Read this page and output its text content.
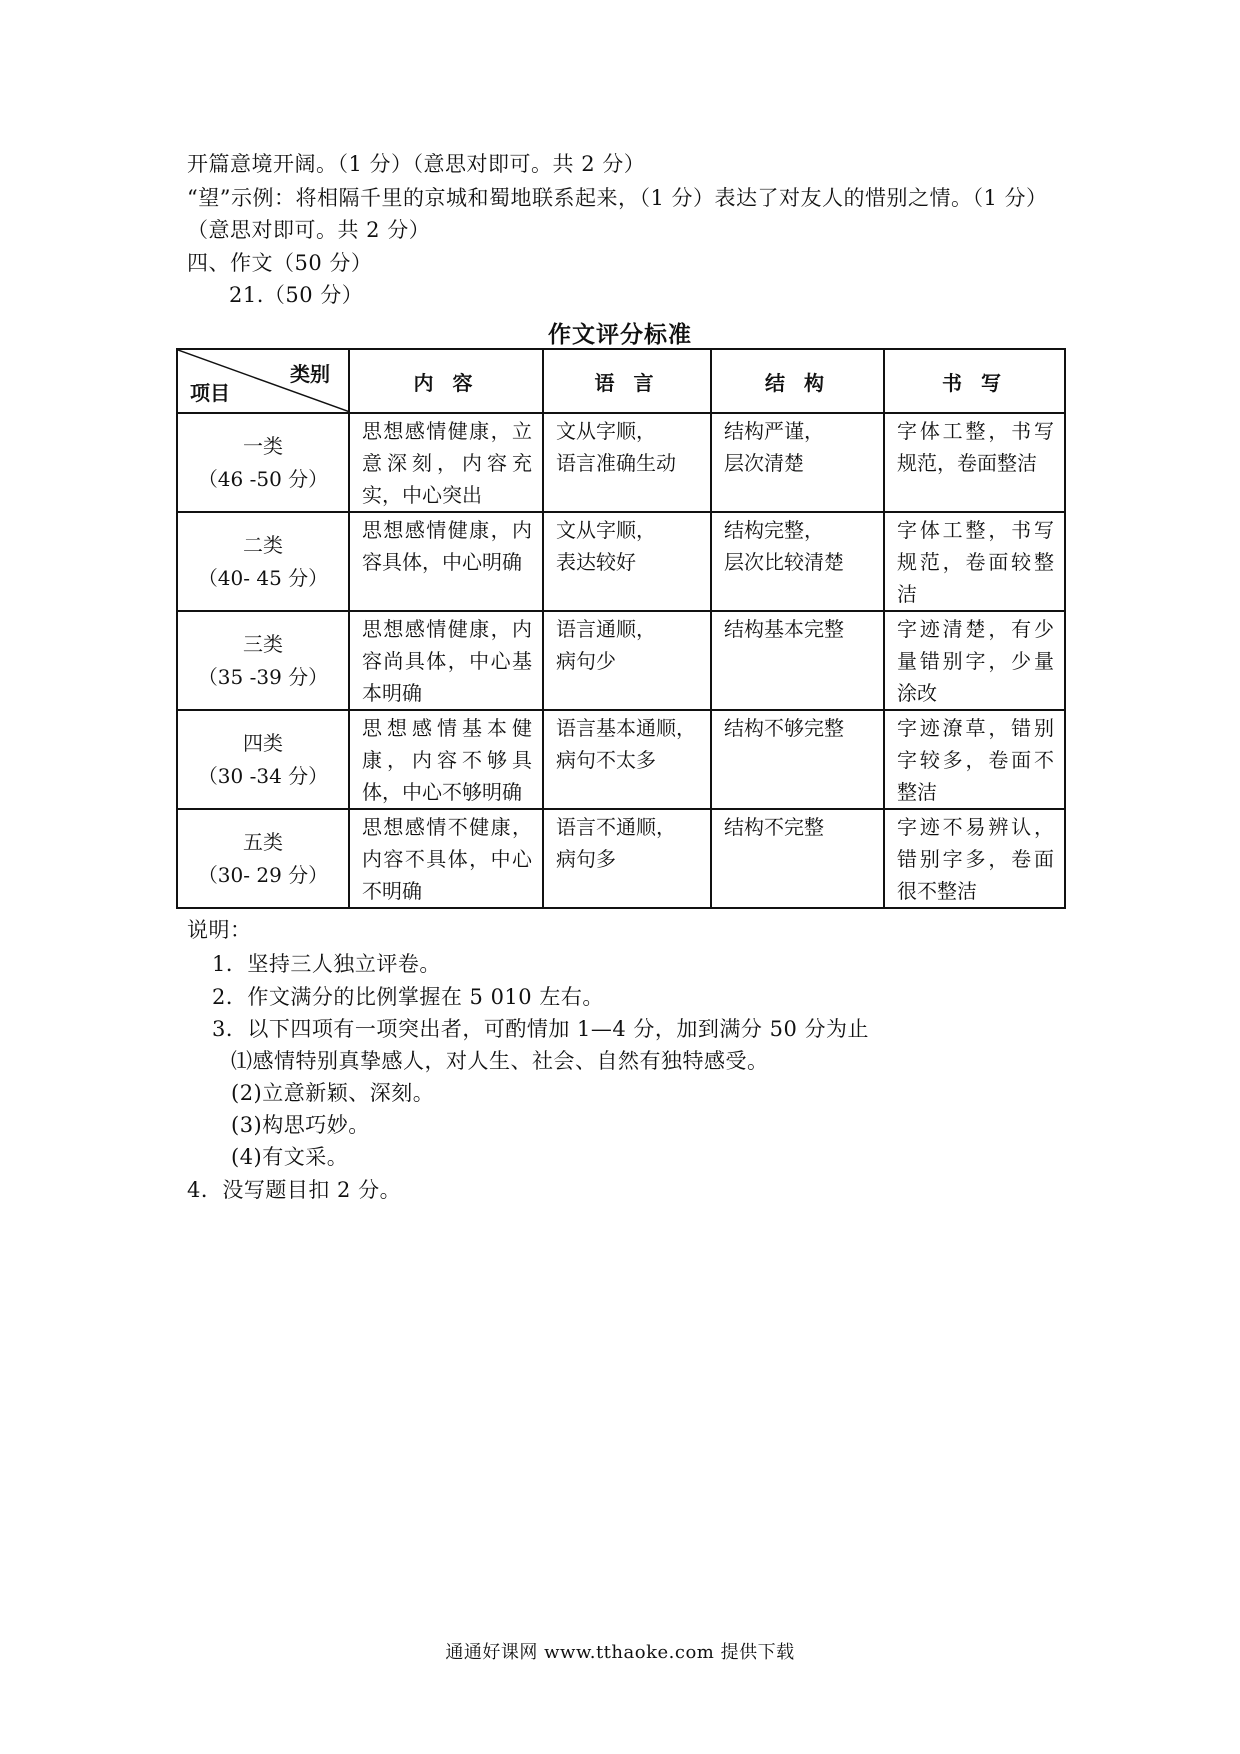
开篇意境开阔。（1 分）（意思对即可。共 2 分）
“望”示例：将相隔千里的京城和蜀地联系起来，（1 分）表达了对友人的惜别之情。（1 分）
（意思对即可。共 2 分）
四、作文（50 分）
21.（50 分）
作文评分标准
类别
项目	内 容	语 言	结 构	书 写

一类
（46 -50 分）	思想感情健康，立意深刻，内容充实，中心突出	文从字顺，
语言准确生动	结构严谨，
层次清楚	字体工整，书写规范，卷面整洁

二类
（40- 45 分）	思想感情健康，内容具体，中心明确	文从字顺，
表达较好	结构完整，
层次比较清楚	字体工整，书写规范，卷面较整洁

三类
（35 -39 分）	思想感情健康，内容尚具体，中心基本明确	语言通顺，
病句少	结构基本完整	字迹清楚，有少量错别字，少量涂改

四类
（30 -34 分）	思想感情基本健康，内容不够具体，中心不够明确	语言基本通顺，
病句不太多	结构不够完整	字迹潦草，错别字较多，卷面不整洁

五类
（30- 29 分）	思想感情不健康，内容不具体，中心不明确	语言不通顺，
病句多	结构不完整	字迹不易辨认，错别字多，卷面很不整洁
说明：
1．坚持三人独立评卷。
2．作文满分的比例掌握在 5 010 左右。
3．以下四项有一项突出者，可酌情加 1—4 分，加到满分 50 分为止
⑴感情特别真挚感人，对人生、社会、自然有独特感受。
(2)立意新颖、深刻。
(3)构思巧妙。
(4)有文采。
4．没写题目扣 2 分。
通通好课网 www.tthaoke.com 提供下载
